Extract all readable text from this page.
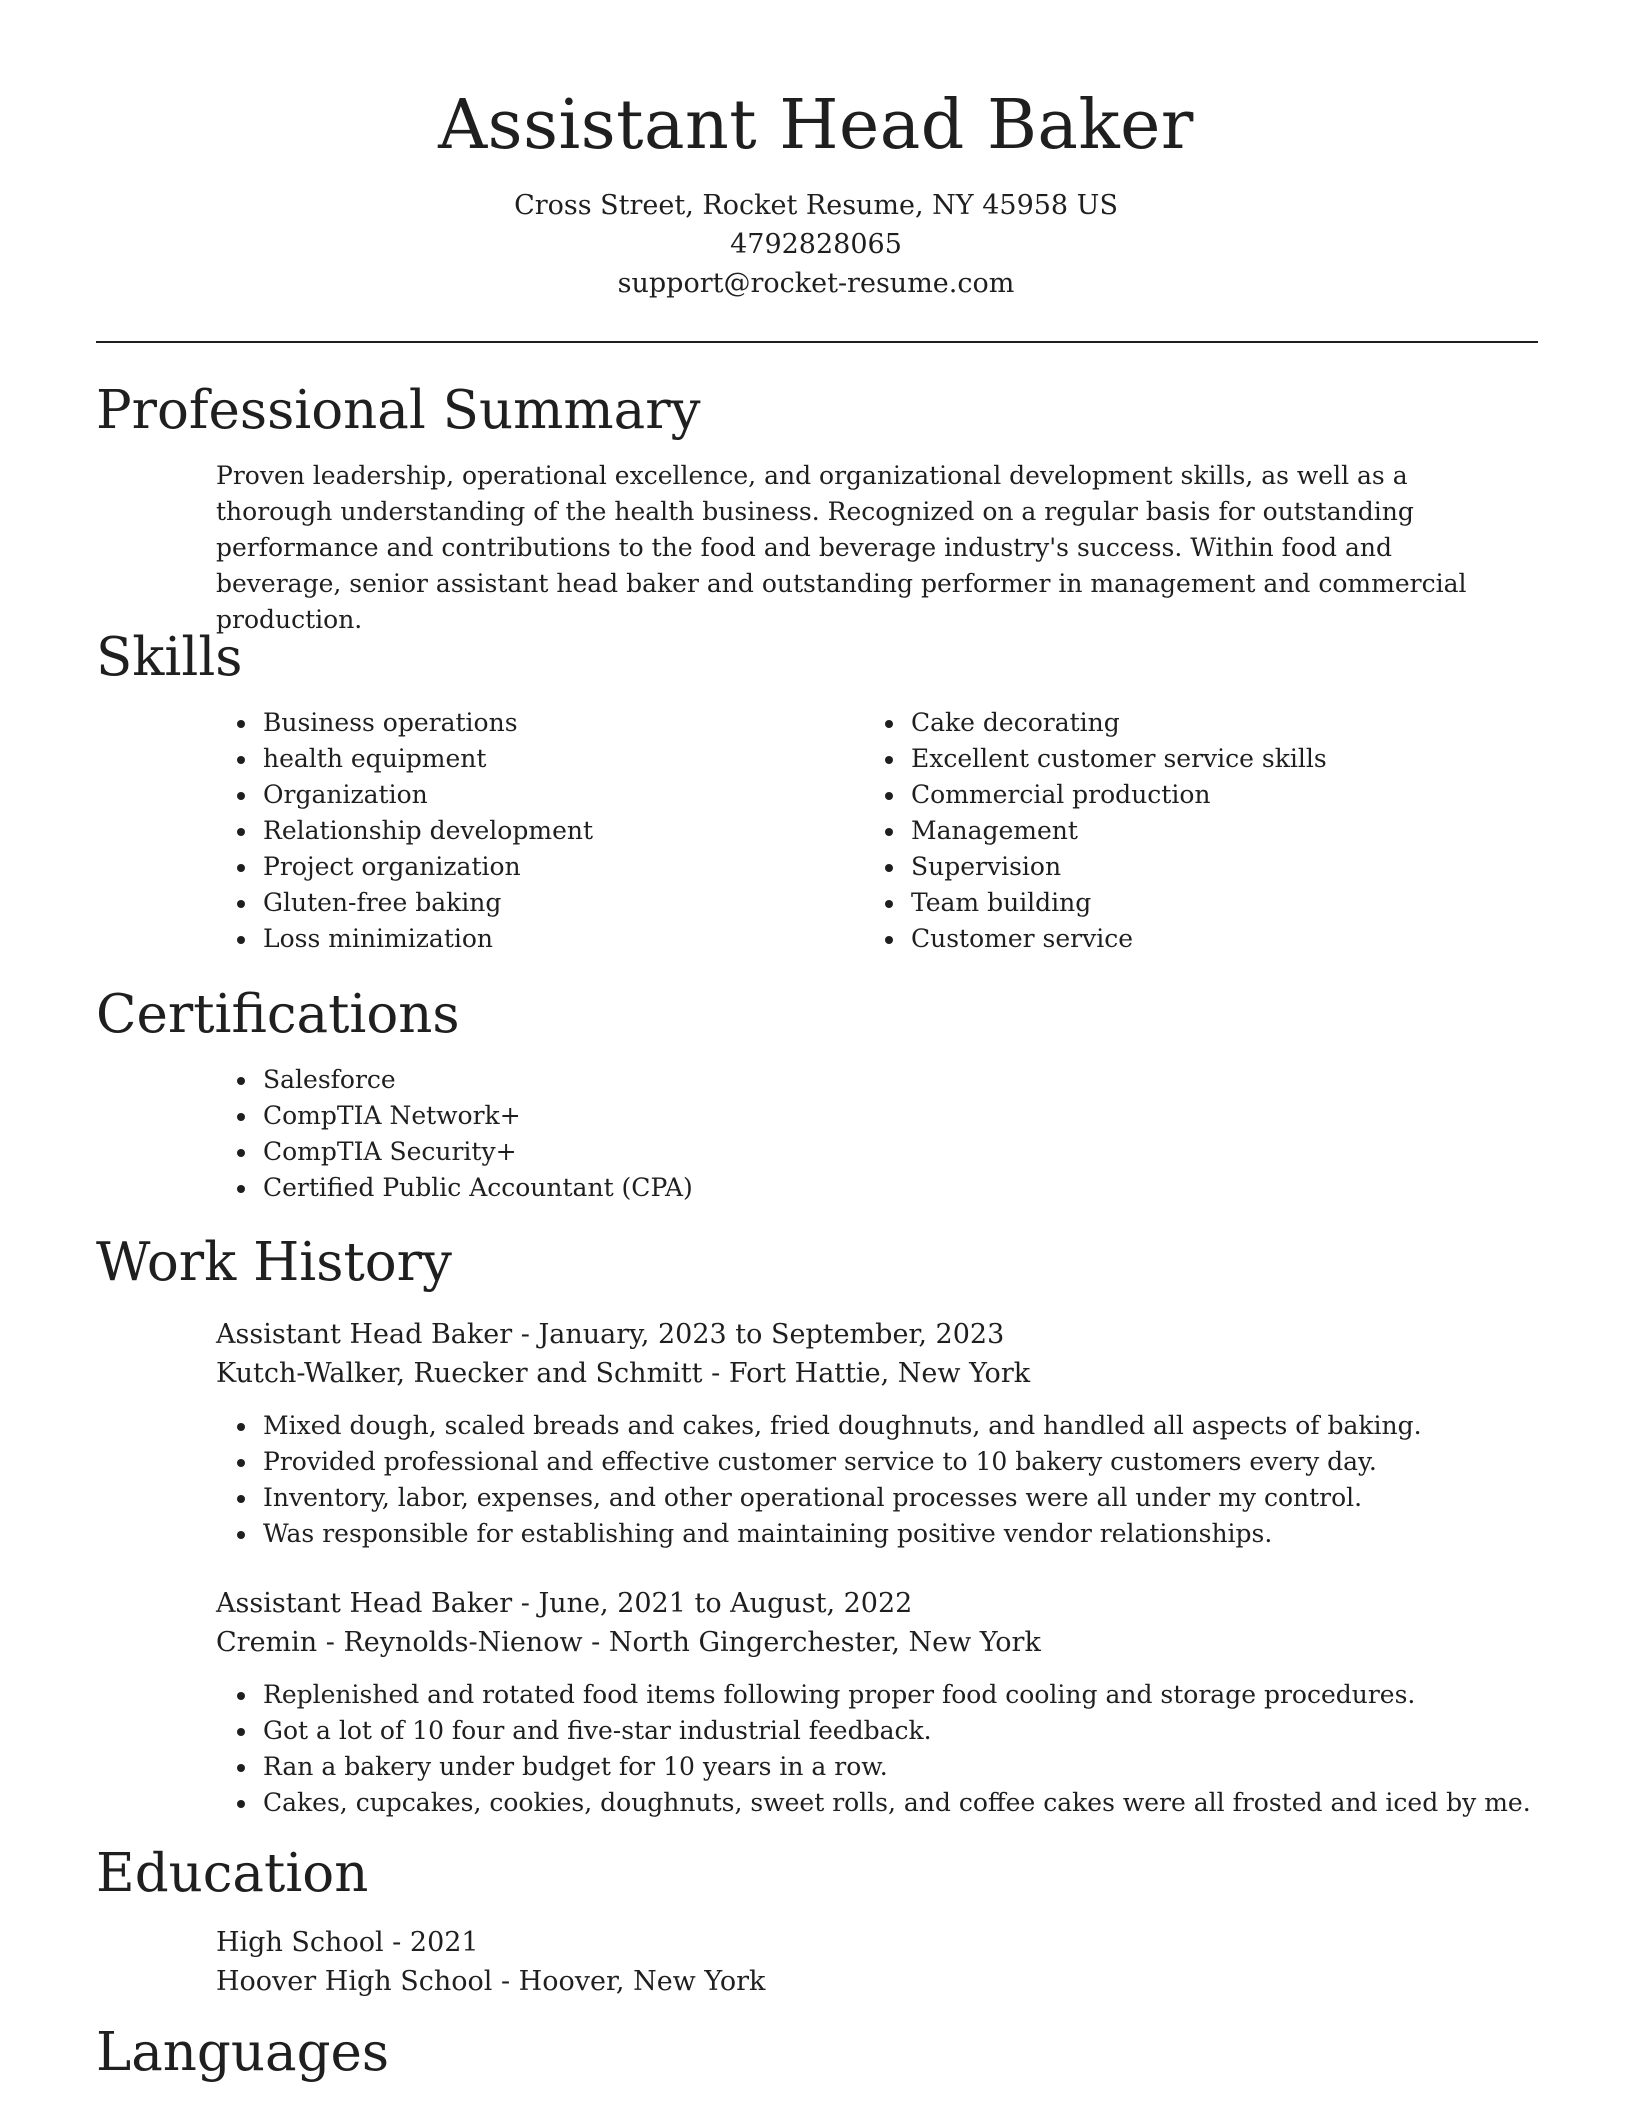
Assistant Head Baker
Cross Street, Rocket Resume, NY 45958 US
4792828065
support@rocket-resume.com
Professional Summary

Proven leadership, operational excellence, and organizational development skills, as well as a thorough understanding of the health business. Recognized on a regular basis for outstanding performance and contributions to the food and beverage industry's success. Within food and beverage, senior assistant head baker and outstanding performer in management and commercial production.

Skills
• Business operations
• health equipment
• Organization
• Relationship development
• Project organization
• Gluten-free baking
• Loss minimization
• Cake decorating
• Excellent customer service skills
• Commercial production
• Management
• Supervision
• Team building
• Customer service
Certifications
• Salesforce
• CompTIA Network+
• CompTIA Security+
• Certified Public Accountant (CPA)
Work History
Assistant Head Baker - January, 2023 to September, 2023
Kutch-Walker, Ruecker and Schmitt - Fort Hattie, New York
• Mixed dough, scaled breads and cakes, fried doughnuts, and handled all aspects of baking.
• Provided professional and effective customer service to 10 bakery customers every day.
• Inventory, labor, expenses, and other operational processes were all under my control.
• Was responsible for establishing and maintaining positive vendor relationships.
Assistant Head Baker - June, 2021 to August, 2022
Cremin - Reynolds-Nienow - North Gingerchester, New York
• Replenished and rotated food items following proper food cooling and storage procedures.
• Got a lot of 10 four and five-star industrial feedback.
• Ran a bakery under budget for 10 years in a row.
• Cakes, cupcakes, cookies, doughnuts, sweet rolls, and coffee cakes were all frosted and iced by me.
Education
High School - 2021
Hoover High School - Hoover, New York
Languages
